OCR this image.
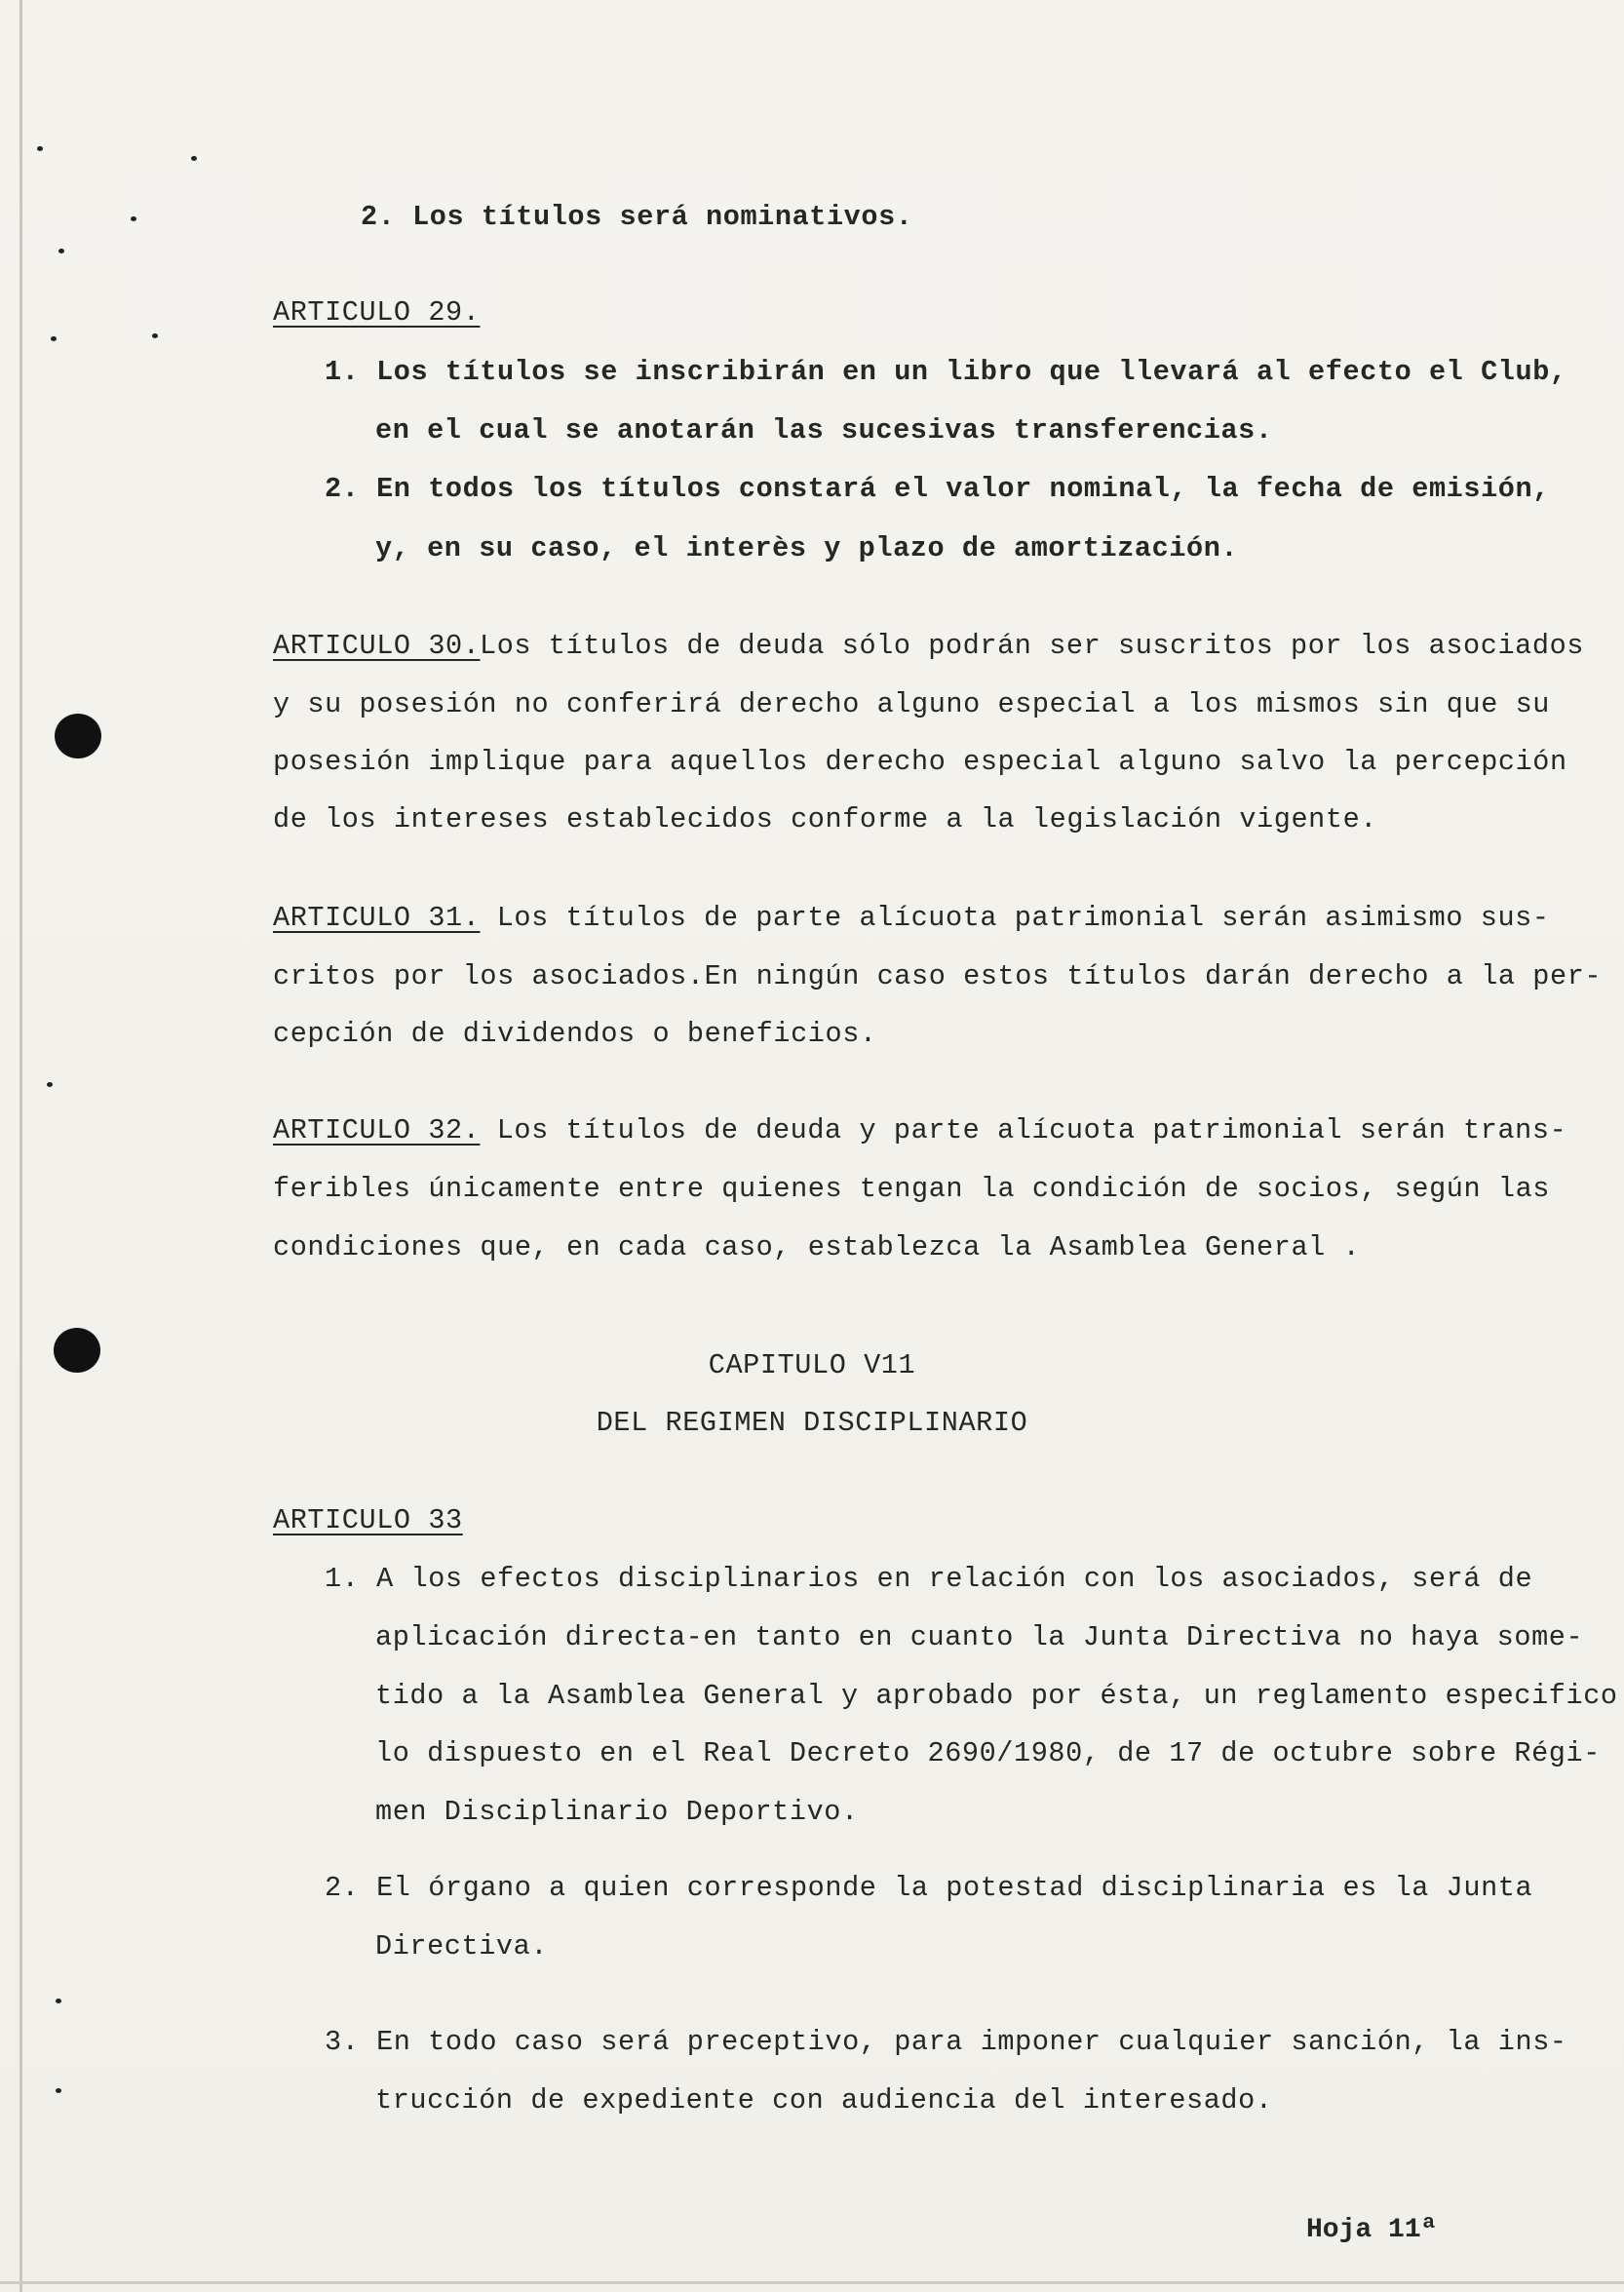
2. Los títulos será nominativos.
ARTICULO 29.
1. Los títulos se inscribirán en un libro que llevará al efecto el Club,
en el cual se anotarán las sucesivas transferencias.
2. En todos los títulos constará el valor nominal, la fecha de emisión,
y, en su caso, el interès y plazo de amortización.
ARTICULO 30. Los títulos de deuda sólo podrán ser suscritos por los asociados
y su posesión no conferirá derecho alguno especial a los mismos sin que su
posesión implique para aquellos derecho especial alguno salvo la percepción
de los intereses establecidos conforme a la legislación vigente.
ARTICULO 31. Los títulos de parte alícuota patrimonial serán asimismo sus-
critos por los asociados.En ningún caso estos títulos darán derecho a la per-
cepción de dividendos o beneficios.
ARTICULO 32. Los títulos de deuda y parte alícuota patrimonial serán trans-
feribles únicamente entre quienes tengan la condición de socios, según las
condiciones que, en cada caso, establezca la Asamblea General .
CAPITULO V11
DEL REGIMEN DISCIPLINARIO
ARTICULO 33
1. A los efectos disciplinarios en relación con los asociados, será de
aplicación directa-en tanto en cuanto la Junta Directiva no haya some-
tido a la Asamblea General y aprobado por ésta, un reglamento especifico
lo dispuesto en el Real Decreto 2690/1980, de 17 de octubre sobre Régi-
men Disciplinario Deportivo.
2. El órgano a quien corresponde la potestad disciplinaria es la Junta
Directiva.
3. En todo caso será preceptivo, para imponer cualquier sanción, la ins-
trucción de expediente con audiencia del interesado.
Hoja 11ª
